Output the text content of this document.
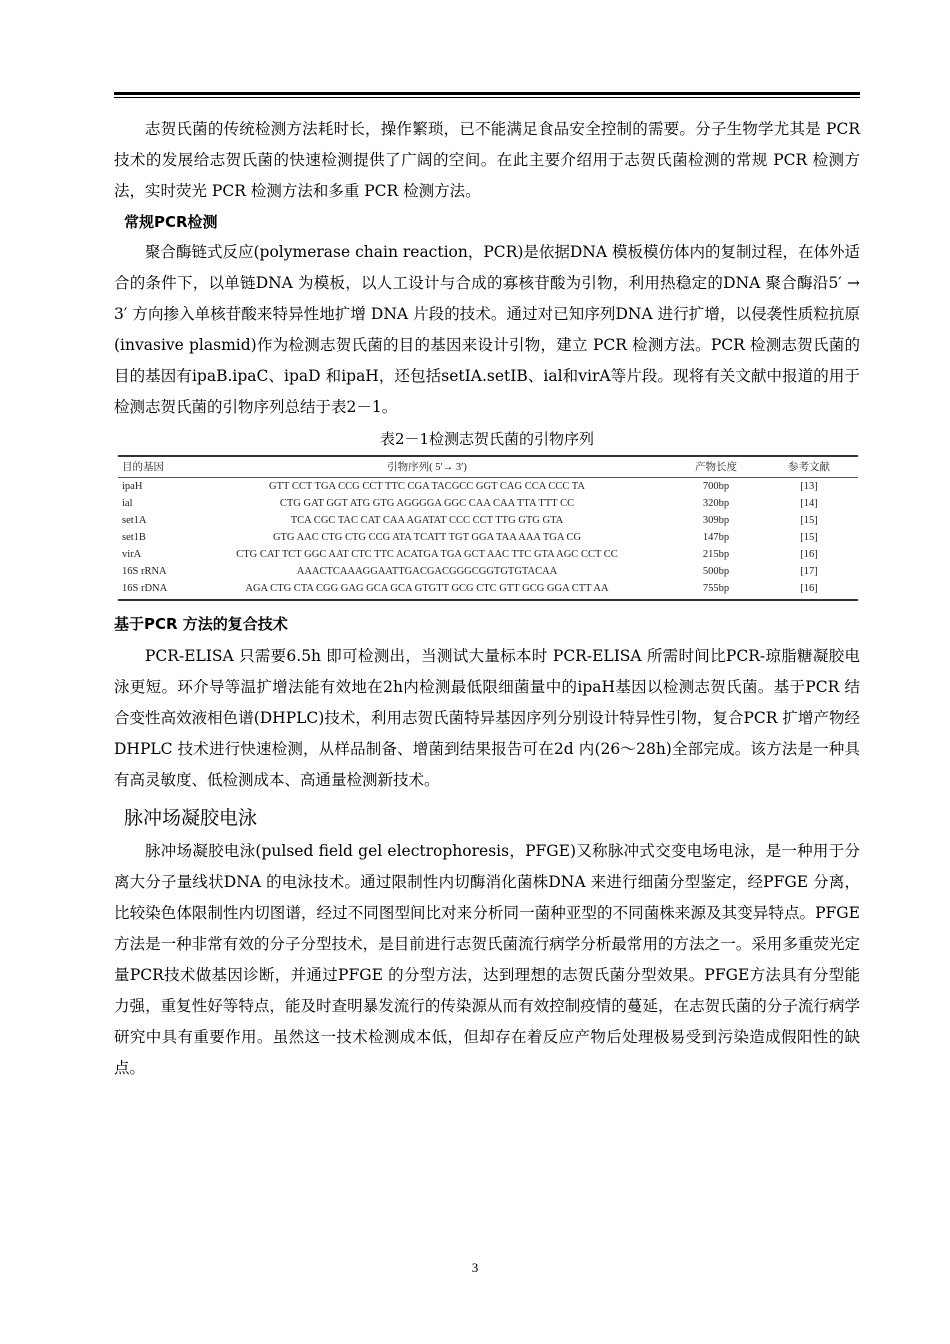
志贺氏菌的传统检测方法耗时长，操作繁琐，已不能满足食品安全控制的需要。分子生物学尤其是 PCR技术的发展给志贺氏菌的快速检测提供了广阔的空间。在此主要介绍用于志贺氏菌检测的常规 PCR 检测方法，实时荧光 PCR 检测方法和多重 PCR 检测方法。

常规PCR检测

聚合酶链式反应(polymerase chain reaction，PCR)是依据DNA 模板模仿体内的复制过程，在体外适合的条件下，以单链DNA 为模板，以人工设计与合成的寡核苷酸为引物，利用热稳定的DNA 聚合酶沿5′ → 3′ 方向掺入单核苷酸来特异性地扩增 DNA 片段的技术。通过对已知序列DNA 进行扩增，以侵袭性质粒抗原(invasive plasmid)作为检测志贺氏菌的目的基因来设计引物，建立 PCR 检测方法。PCR 检测志贺氏菌的目的基因有ipaB.ipaC、ipaD 和ipaH，还包括setIA.setIB、ial和virA等片段。现将有关文献中报道的用于检测志贺氏菌的引物序列总结于表2－1。

表2－1检测志贺氏菌的引物序列
目的基因	引物序列( 5′→ 3′)	产物长度	参考文献
ipaH	GTT CCT TGA CCG CCT TTC CGA TACGCC GGT CAG CCA CCC TA	700bp	[13]
ial	CTG GAT GGT ATG GTG AGGGGA GGC CAA CAA TTA TTT CC	320bp	[14]
set1A	TCA CGC TAC CAT CAA AGATAT CCC CCT TTG GTG GTA	309bp	[15]
set1B	GTG AAC CTG CTG CCG ATA TCATT TGT GGA TAA AAA TGA CG	147bp	[15]
virA	CTG CAT TCT GGC AAT CTC TTC ACATGA TGA GCT AAC TTC GTA AGC CCT CC	215bp	[16]
16S rRNA	AAACTCAAAGGAATTGACGACGGGCGGTGTGTACAA	500bp	[17]
16S rDNA	AGA CTG CTA CGG GAG GCA GCA GTGTT GCG CTC GTT GCG GGA CTT AA	755bp	[16]
基于PCR 方法的复合技术

PCR-ELISA 只需要6.5h 即可检测出，当测试大量标本时 PCR-ELISA 所需时间比PCR-琼脂糖凝胶电泳更短。环介导等温扩增法能有效地在2h内检测最低限细菌量中的ipaH基因以检测志贺氏菌。基于PCR 结合变性高效液相色谱(DHPLC)技术，利用志贺氏菌特异基因序列分别设计特异性引物，复合PCR 扩增产物经DHPLC 技术进行快速检测，从样品制备、增菌到结果报告可在2d 内(26～28h)全部完成。该方法是一种具有高灵敏度、低检测成本、高通量检测新技术。

脉冲场凝胶电泳

脉冲场凝胶电泳(pulsed field gel electrophoresis，PFGE)又称脉冲式交变电场电泳，是一种用于分离大分子量线状DNA 的电泳技术。通过限制性内切酶消化菌株DNA 来进行细菌分型鉴定，经PFGE 分离，比较染色体限制性内切图谱，经过不同图型间比对来分析同一菌种亚型的不同菌株来源及其变异特点。PFGE 方法是一种非常有效的分子分型技术，是目前进行志贺氏菌流行病学分析最常用的方法之一。采用多重荧光定量PCR技术做基因诊断，并通过PFGE 的分型方法，达到理想的志贺氏菌分型效果。PFGE方法具有分型能力强，重复性好等特点，能及时查明暴发流行的传染源从而有效控制疫情的蔓延，在志贺氏菌的分子流行病学研究中具有重要作用。虽然这一技术检测成本低，但却存在着反应产物后处理极易受到污染造成假阳性的缺点。

3
